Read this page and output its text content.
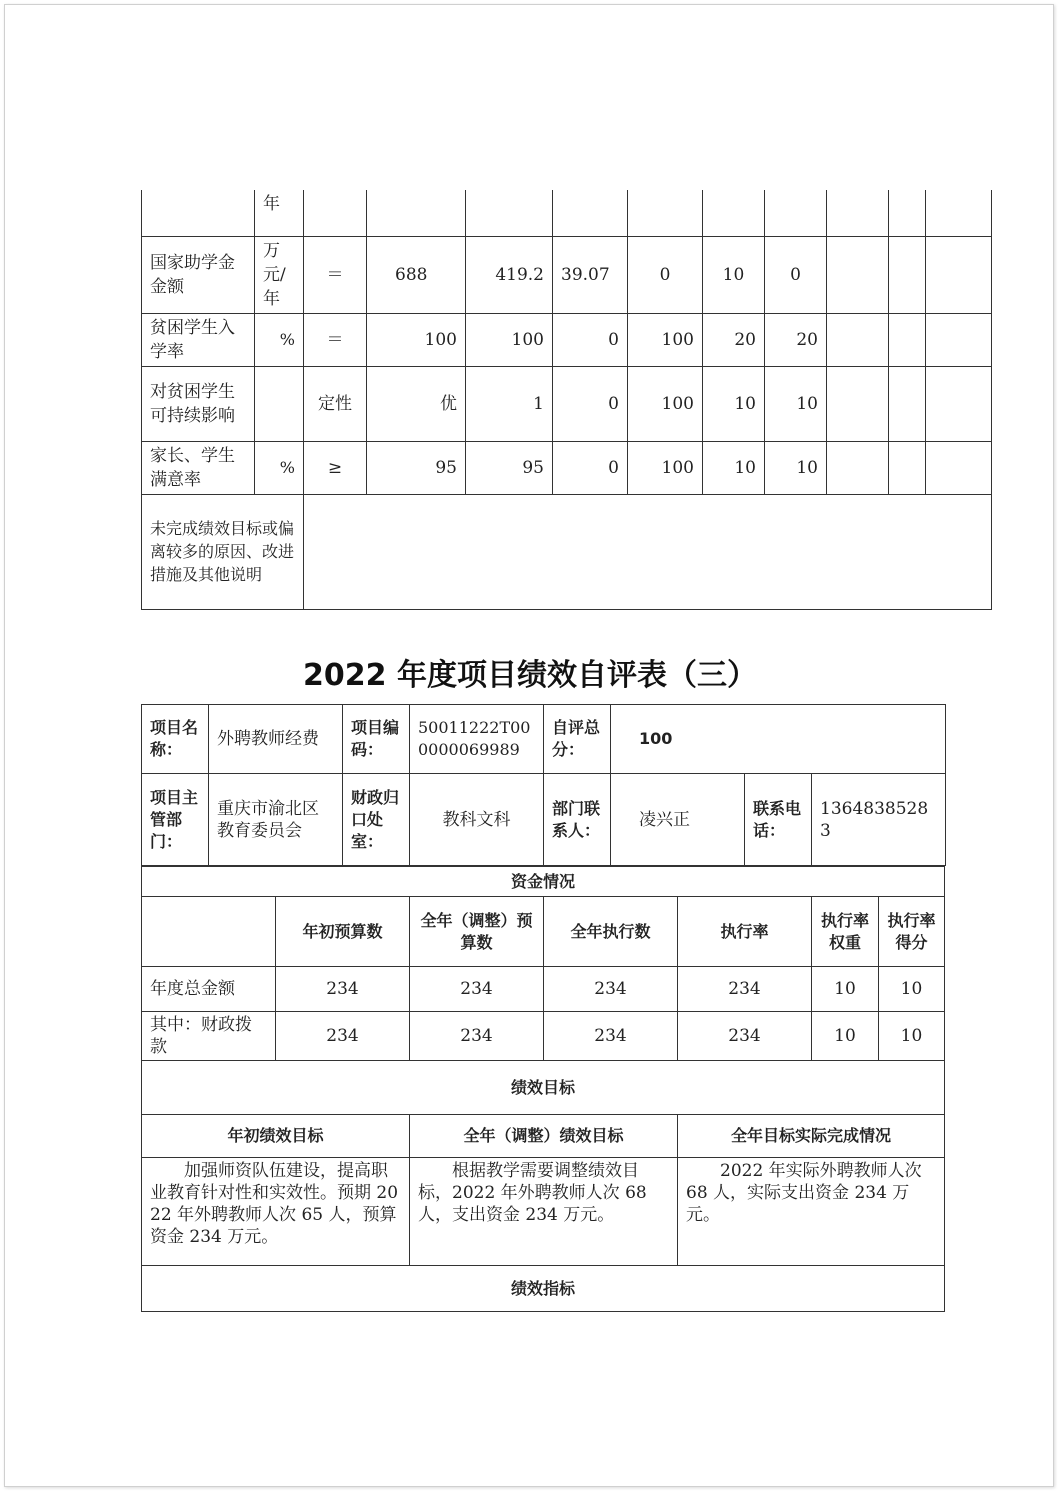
	年										
国家助学金金额	万元/年	＝	688	419.2	39.07	0	10	0			
贫困学生入学率	%	＝	100	100	0	100	20	20			
对贫困学生可持续影响		定性	优	1	0	100	10	10			
家长、学生满意率	%	≥	95	95	0	100	10	10			
未完成绩效目标或偏离较多的原因、改进措施及其他说明											
2022 年度项目绩效自评表（三）
项目名称：	外聘教师经费	项目编码：	50011222T000000069989	自评总分：	100		
项目主管部门：	重庆市渝北区教育委员会	财政归口处室：	教科文科	部门联系人：	凌兴正	联系电话：	13648385283
资金情况						
	年初预算数	全年（调整）预算数	全年执行数	执行率	执行率权重	执行率得分
年度总金额	234	234	234	234	10	10
其中：财政拨款	234	234	234	234	10	10
绩效目标						
年初绩效目标		全年（调整）绩效目标		全年目标实际完成情况		
加强师资队伍建设，提高职业教育针对性和实效性。预期 2022 年外聘教师人次 65 人，预算资金 234 万元。		根据教学需要调整绩效目标，2022 年外聘教师人次 68 人，支出资金 234 万元。		2022 年实际外聘教师人次 68 人，实际支出资金 234 万元。		
绩效指标						
